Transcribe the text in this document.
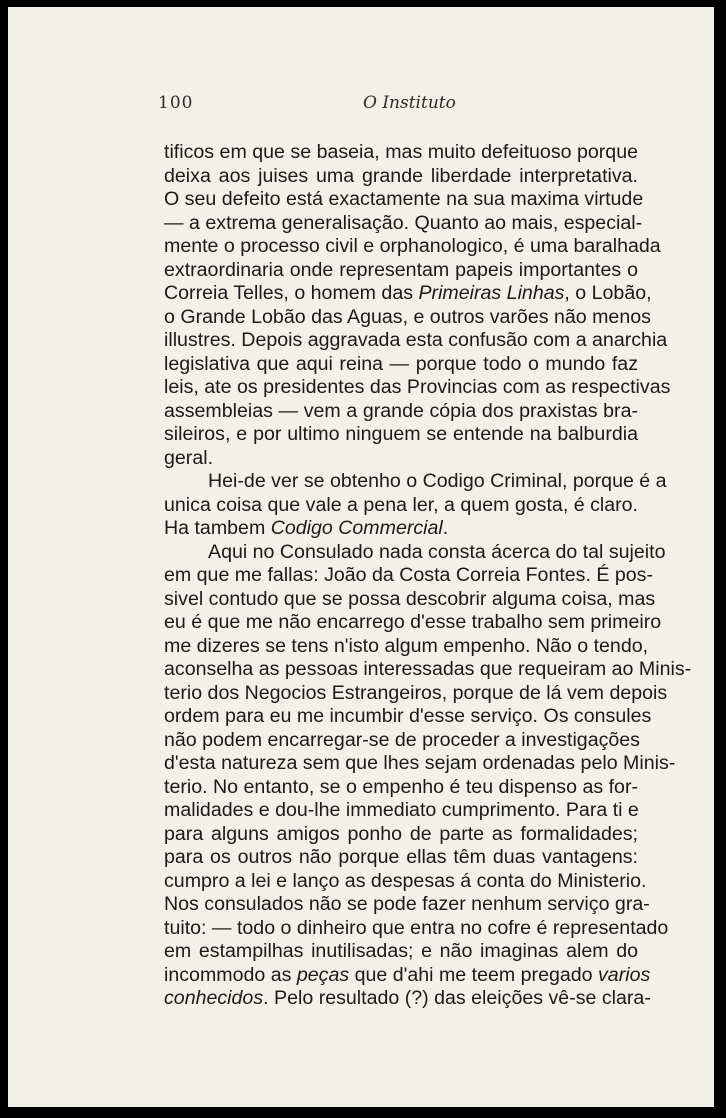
100	O Instituto
tificos em que se baseia, mas muito defeituoso porque
deixa aos juises uma grande liberdade interpretativa.
O seu defeito está exactamente na sua maxima virtude
— a extrema generalisação. Quanto ao mais, especial-
mente o processo civil e orphanologico, é uma baralhada
extraordinaria onde representam papeis importantes o
Correia Telles, o homem das Primeiras Linhas, o Lobão,
o Grande Lobão das Aguas, e outros varões não menos
illustres. Depois aggravada esta confusão com a anarchia
legislativa que aqui reina — porque todo o mundo faz
leis, ate os presidentes das Provincias com as respectivas
assembleias — vem a grande cópia dos praxistas bra-
sileiros, e por ultimo ninguem se entende na balburdia
geral.
Hei-de ver se obtenho o Codigo Criminal, porque é a
unica coisa que vale a pena ler, a quem gosta, é claro.
Ha tambem Codigo Commercial.
Aqui no Consulado nada consta ácerca do tal sujeito
em que me fallas: João da Costa Correia Fontes. É pos-
sivel contudo que se possa descobrir alguma coisa, mas
eu é que me não encarrego d'esse trabalho sem primeiro
me dizeres se tens n'isto algum empenho. Não o tendo,
aconselha as pessoas interessadas que requeiram ao Minis-
terio dos Negocios Estrangeiros, porque de lá vem depois
ordem para eu me incumbir d'esse serviço. Os consules
não podem encarregar-se de proceder a investigações
d'esta natureza sem que lhes sejam ordenadas pelo Minis-
terio. No entanto, se o empenho é teu dispenso as for-
malidades e dou-lhe immediato cumprimento. Para ti e
para alguns amigos ponho de parte as formalidades;
para os outros não porque ellas têm duas vantagens:
cumpro a lei e lanço as despesas á conta do Ministerio.
Nos consulados não se pode fazer nenhum serviço gra-
tuito: — todo o dinheiro que entra no cofre é representado
em estampilhas inutilisadas; e não imaginas alem do
incommodo as peças que d'ahi me teem pregado varios
conhecidos. Pelo resultado (?) das eleições vê-se clara-
